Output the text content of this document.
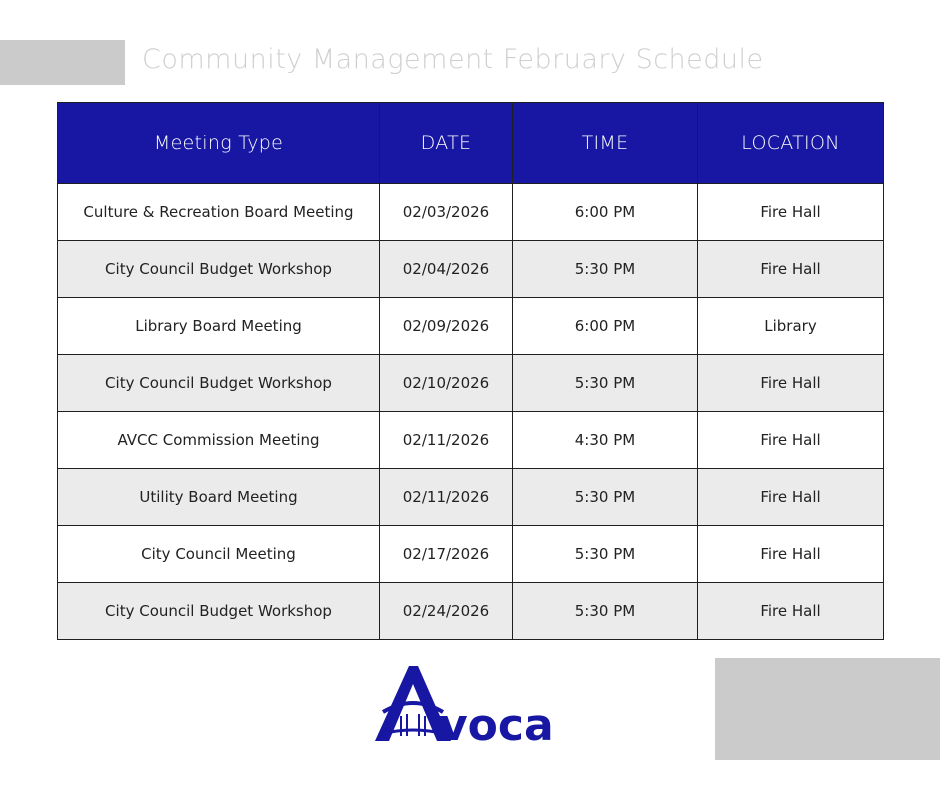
Community Management February Schedule
Meeting Type	DATE	TIME	LOCATION
Culture & Recreation Board Meeting	02/03/2026	6:00 PM	Fire Hall
City Council Budget Workshop	02/04/2026	5:30 PM	Fire Hall
Library Board Meeting	02/09/2026	6:00 PM	Library
City Council Budget Workshop	02/10/2026	5:30 PM	Fire Hall
AVCC Commission Meeting	02/11/2026	4:30 PM	Fire Hall
Utility Board Meeting	02/11/2026	5:30 PM	Fire Hall
City Council Meeting	02/17/2026	5:30 PM	Fire Hall
City Council Budget Workshop	02/24/2026	5:30 PM	Fire Hall
voca
